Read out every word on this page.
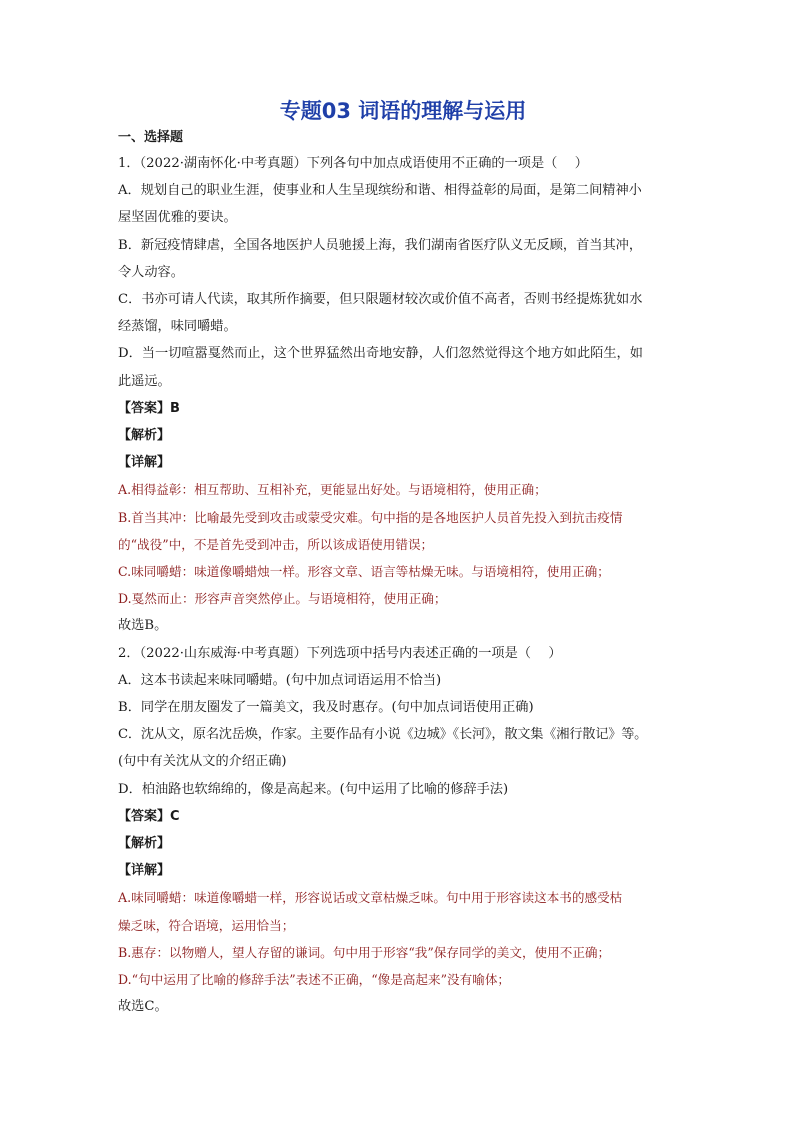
专题03 词语的理解与运用
一、选择题

1．（2022·湖南怀化·中考真题）下列各句中加点成语使用不正确的一项是（　 ）

A．规划自己的职业生涯，使事业和人生呈现缤纷和谐、相得益彰的局面，是第二间精神小

屋坚固优雅的要诀。

B．新冠疫情肆虐，全国各地医护人员驰援上海，我们湖南省医疗队义无反顾，首当其冲，

令人动容。

C．书亦可请人代读，取其所作摘要，但只限题材较次或价值不高者，否则书经提炼犹如水

经蒸馏，味同嚼蜡。

D．当一切喧嚣戛然而止，这个世界猛然出奇地安静，人们忽然觉得这个地方如此陌生，如

此遥远。

【答案】B

【解析】

【详解】

A.相得益彰：相互帮助、互相补充，更能显出好处。与语境相符，使用正确；

B.首当其冲：比喻最先受到攻击或蒙受灾难。句中指的是各地医护人员首先投入到抗击疫情

的“战役”中，不是首先受到冲击，所以该成语使用错误；

C.味同嚼蜡：味道像嚼蜡烛一样。形容文章、语言等枯燥无味。与语境相符，使用正确；

D.戛然而止：形容声音突然停止。与语境相符，使用正确；

故选B。

2．（2022·山东威海·中考真题）下列选项中括号内表述正确的一项是（　 ）

A．这本书读起来味同嚼蜡。(句中加点词语运用不恰当)

B．同学在朋友圈发了一篇美文，我及时惠存。(句中加点词语使用正确)

C．沈从文，原名沈岳焕，作家。主要作品有小说《边城》《长河》，散文集《湘行散记》等。

(句中有关沈从文的介绍正确)

D．柏油路也软绵绵的，像是高起来。(句中运用了比喻的修辞手法)

【答案】C

【解析】

【详解】

A.味同嚼蜡：味道像嚼蜡一样，形容说话或文章枯燥乏味。句中用于形容读这本书的感受枯

燥乏味，符合语境，运用恰当；

B.惠存：以物赠人，望人存留的谦词。句中用于形容“我”保存同学的美文，使用不正确；

D.“句中运用了比喻的修辞手法”表述不正确，“像是高起来”没有喻体；

故选C。
